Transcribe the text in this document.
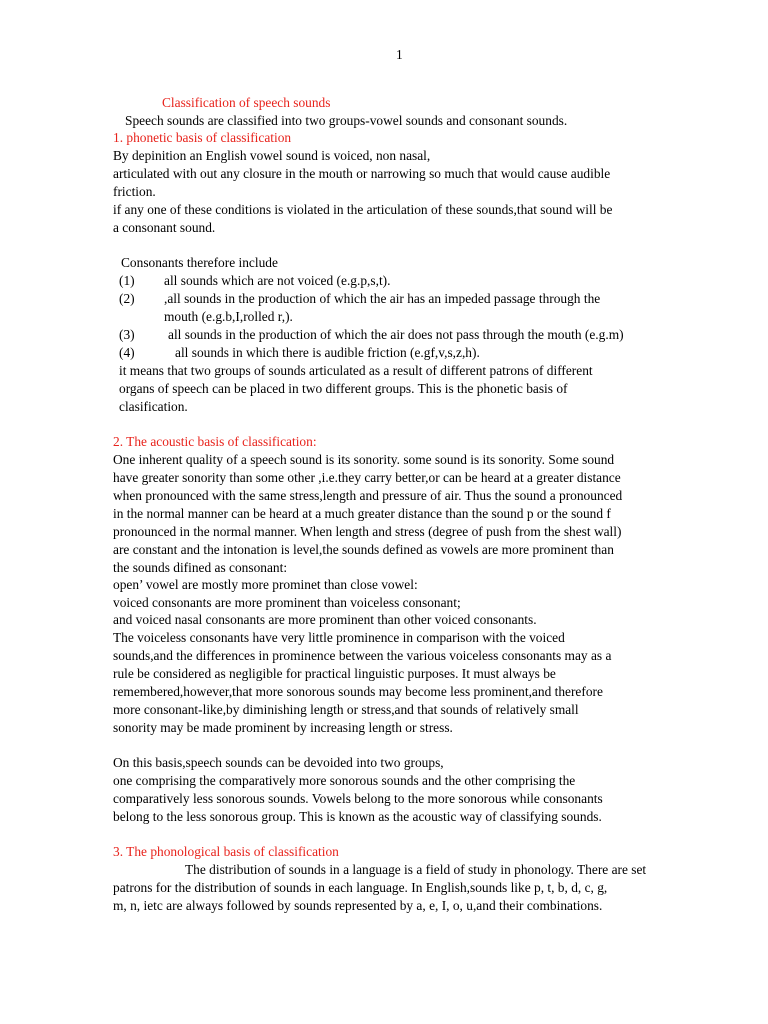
1
Classification of speech sounds
Speech sounds are classified into two groups-vowel sounds and consonant sounds.
1. phonetic basis of classification
By depinition an English vowel sound is voiced, non nasal,
articulated with out any closure in the mouth or narrowing so much that would cause audible
friction.
if any one of these conditions is violated in the articulation of these sounds,that sound will be
a consonant sound.
Consonants therefore include
(1) all sounds which are not voiced (e.g.p,s,t).
(2) ,all sounds in the production of which the air has an impeded passage through the
mouth (e.g.b,I,rolled r,).
(3) all sounds in the production of which the air does not pass through the mouth (e.g.m)
(4)	all sounds in which there is audible friction (e.gf,v,s,z,h).
it means that two groups of sounds articulated as a result of different patrons of different
organs of speech can be placed in two different groups. This is the phonetic basis of
clasification.
2. The acoustic basis of classification:
One inherent quality of a speech sound is its sonority. some sound is its sonority. Some sound
have greater sonority than some other ,i.e.they carry better,or can be heard at a greater distance
when pronounced with the same stress,length and pressure of air. Thus the sound a pronounced
in the normal manner can be heard at a much greater distance than the sound p or the sound f
pronounced in the normal manner. When length and stress (degree of push from the shest wall)
are constant and the intonation is level,the sounds defined as vowels are more prominent than
the sounds difined as consonant:
open’ vowel are mostly more prominet than close vowel:
voiced consonants are more prominent than voiceless consonant;
and voiced nasal consonants are more prominent than other voiced consonants.
The voiceless consonants have very little prominence in comparison with the voiced
sounds,and the differences in prominence between the various voiceless consonants may as a
rule be considered as negligible for practical linguistic purposes. It must always be
remembered,however,that more sonorous sounds may become less prominent,and therefore
more consonant-like,by diminishing length or stress,and that sounds of relatively small
sonority may be made prominent by increasing length or stress.
On this basis,speech sounds can be devoided into two groups,
one comprising the comparatively more sonorous sounds and the other comprising the
comparatively less sonorous sounds. Vowels belong to the more sonorous while consonants
belong to the less sonorous group. This is known as the acoustic way of classifying sounds.
3. The phonological basis of classification
The distribution of sounds in a language is a field of study in phonology. There are set
patrons for the distribution of sounds in each language. In English,sounds like p, t, b, d, c, g,
m, n, ietc are always followed by sounds represented by a, e, I, o, u,and their combinations.
